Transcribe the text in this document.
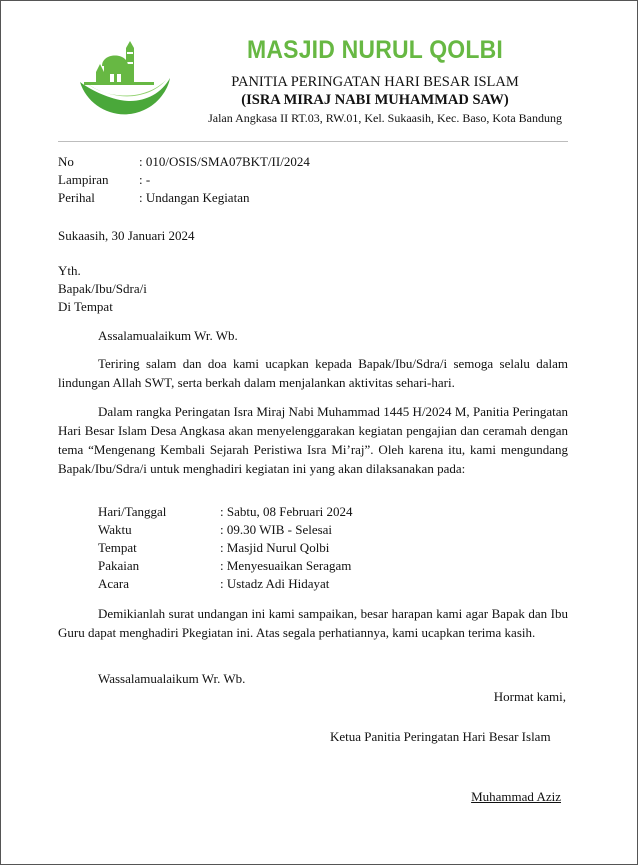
MASJID NURUL QOLBI
PANITIA PERINGATAN HARI BESAR ISLAM
(ISRA MIRAJ NABI MUHAMMAD SAW)
Jalan Angkasa II RT.03, RW.01, Kel. Sukaasih, Kec. Baso, Kota Bandung
No	: 010/OSIS/SMA07BKT/II/2024
Lampiran : -
Perihal	: Undangan Kegiatan
Sukaasih, 30 Januari 2024
Yth.
Bapak/Ibu/Sdra/i
Di Tempat
Assalamualaikum Wr. Wb.
Teriring salam dan doa kami ucapkan kepada Bapak/Ibu/Sdra/i semoga selalu dalam lindungan Allah SWT, serta berkah dalam menjalankan aktivitas sehari-hari.
Dalam rangka Peringatan Isra Miraj Nabi Muhammad 1445 H/2024 M, Panitia Peringatan Hari Besar Islam Desa Angkasa akan menyelenggarakan kegiatan pengajian dan ceramah dengan tema “Mengenang Kembali Sejarah Peristiwa Isra Mi’raj”. Oleh karena itu, kami mengundang Bapak/Ibu/Sdra/i untuk menghadiri kegiatan ini yang akan dilaksanakan pada:
Hari/Tanggal	: Sabtu, 08 Februari 2024
Waktu	: 09.30 WIB - Selesai
Tempat	: Masjid Nurul Qolbi
Pakaian	: Menyesuaikan Seragam
Acara	: Ustadz Adi Hidayat
Demikianlah surat undangan ini kami sampaikan, besar harapan kami agar Bapak dan Ibu Guru dapat menghadiri Pkegiatan ini. Atas segala perhatiannya, kami ucapkan terima kasih.
Wassalamualaikum Wr. Wb.
Hormat kami,
Ketua Panitia Peringatan Hari Besar Islam
Muhammad Aziz
